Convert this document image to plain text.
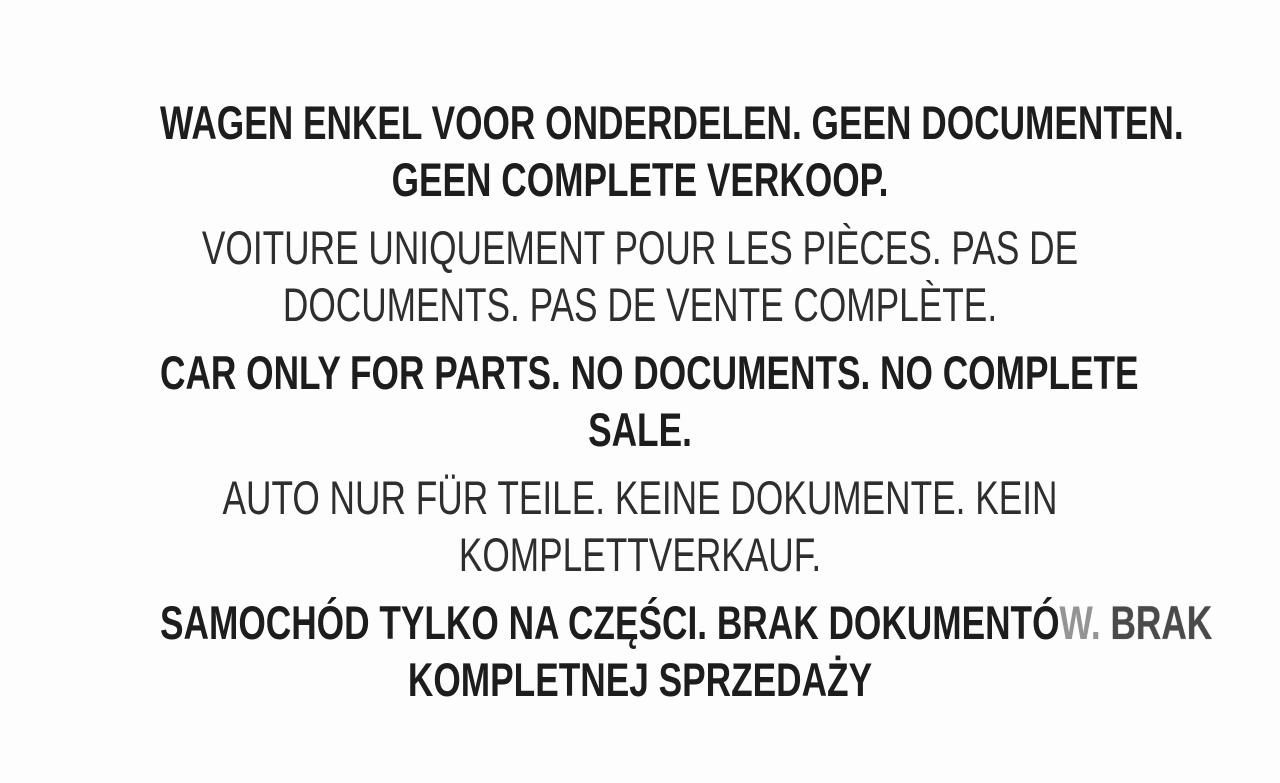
WAGEN ENKEL VOOR ONDERDELEN. GEEN DOCUMENTEN.
GEEN COMPLETE VERKOOP.
VOITURE UNIQUEMENT POUR LES PIÈCES. PAS DE
DOCUMENTS. PAS DE VENTE COMPLÈTE.
CAR ONLY FOR PARTS. NO DOCUMENTS. NO COMPLETE
SALE.
AUTO NUR FÜR TEILE. KEINE DOKUMENTE. KEIN
KOMPLETTVERKAUF.
SAMOCHÓD TYLKO NA CZĘŚCI. BRAK DOKUMENTÓW. BRAK
KOMPLETNEJ SPRZEDAŻY
